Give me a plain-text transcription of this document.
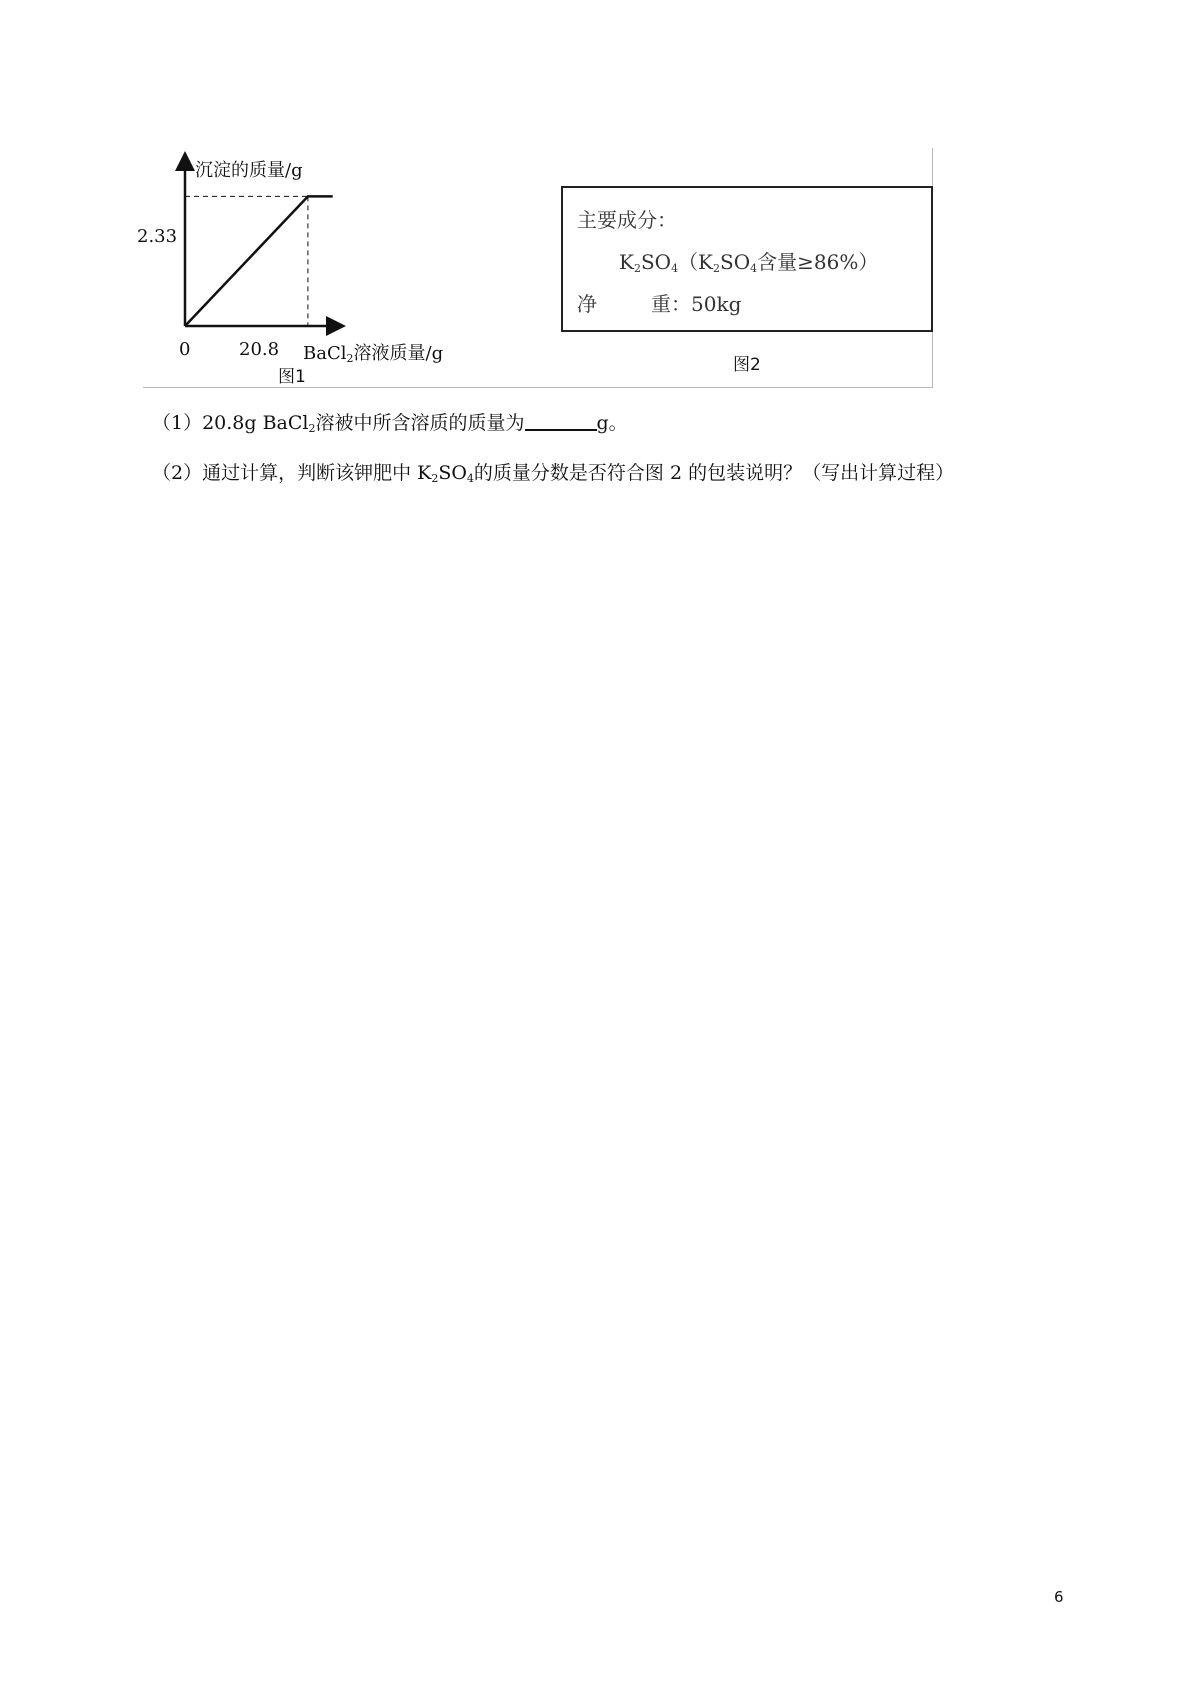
沉淀的质量/g
2.33
0	20.8 BaCl$_2$溶液质量/g
图1
主要成分：
$K_2SO_4(K_2SO_4$含量≥86%）
净	重：50kg
图2
（1）20.8g BaCl$_2$溶被中所含溶质的质量为	g。
（2）通过计算，判断该钾肥中 $K_2SO_4$的质量分数是否符合图 2 的包装说明？（写出计算过程）
6
